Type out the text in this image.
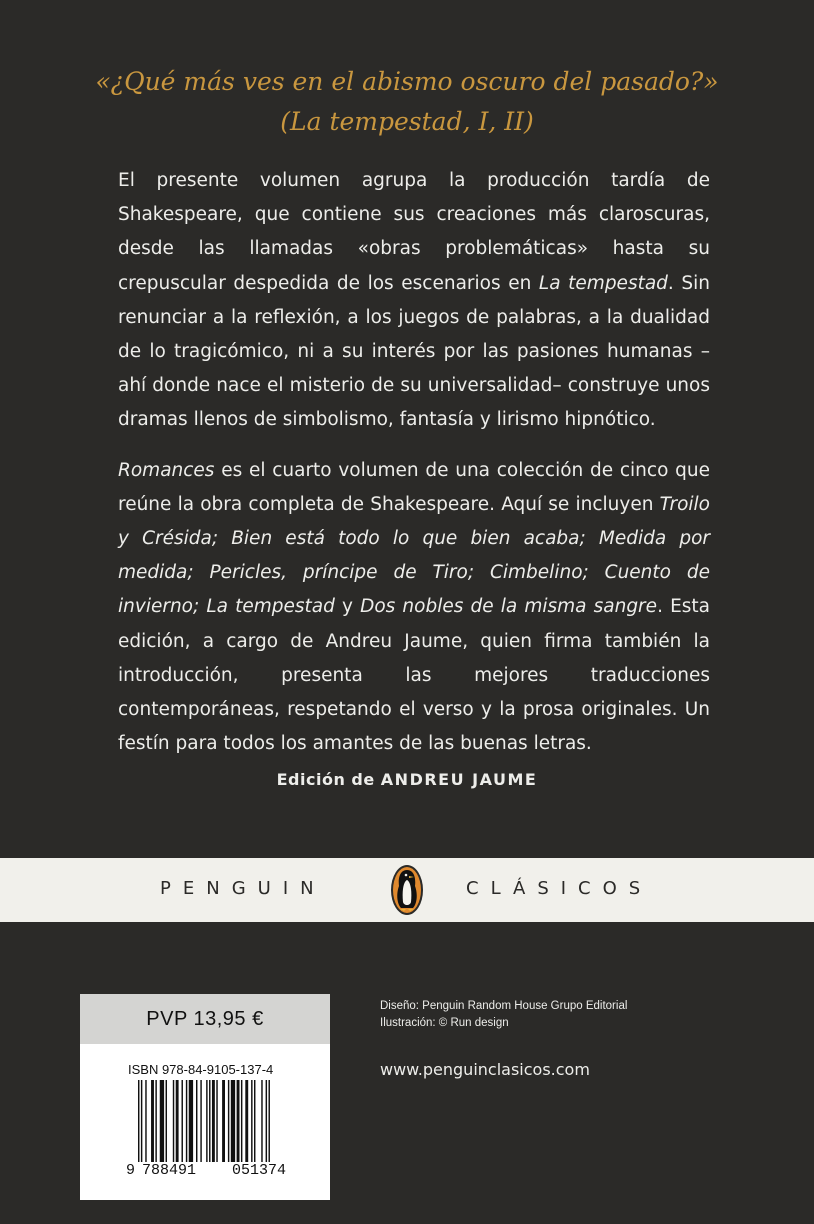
«¿Qué más ves en el abismo oscuro del pasado?»
(La tempestad, I, II)

El presente volumen agrupa la producción tardía de Shakespeare, que contiene sus creaciones más claroscuras, desde las llamadas «obras problemáticas» hasta su crepuscular despedida de los escenarios en La tempestad. Sin renunciar a la reflexión, a los juegos de palabras, a la dualidad de lo tragicómico, ni a su interés por las pasiones humanas –ahí donde nace el misterio de su universalidad– construye unos dramas llenos de simbolismo, fantasía y lirismo hipnótico.

Romances es el cuarto volumen de una colección de cinco que reúne la obra completa de Shakespeare. Aquí se incluyen Troilo y Crésida; Bien está todo lo que bien acaba; Medida por medida; Pericles, príncipe de Tiro; Cimbelino; Cuento de invierno; La tempestad y Dos nobles de la misma sangre. Esta edición, a cargo de Andreu Jaume, quien firma también la introducción, presenta las mejores traducciones contemporáneas, respetando el verso y la prosa originales. Un festín para todos los amantes de las buenas letras.

Edición de ANDREU JAUME
PENGUIN	CLÁSICOS
PVP 13,95 €
ISBN 978-84-9105-137-4
9 788491 051374
Diseño: Penguin Random House Grupo Editorial
Ilustración: © Run design
www.penguinclasicos.com
